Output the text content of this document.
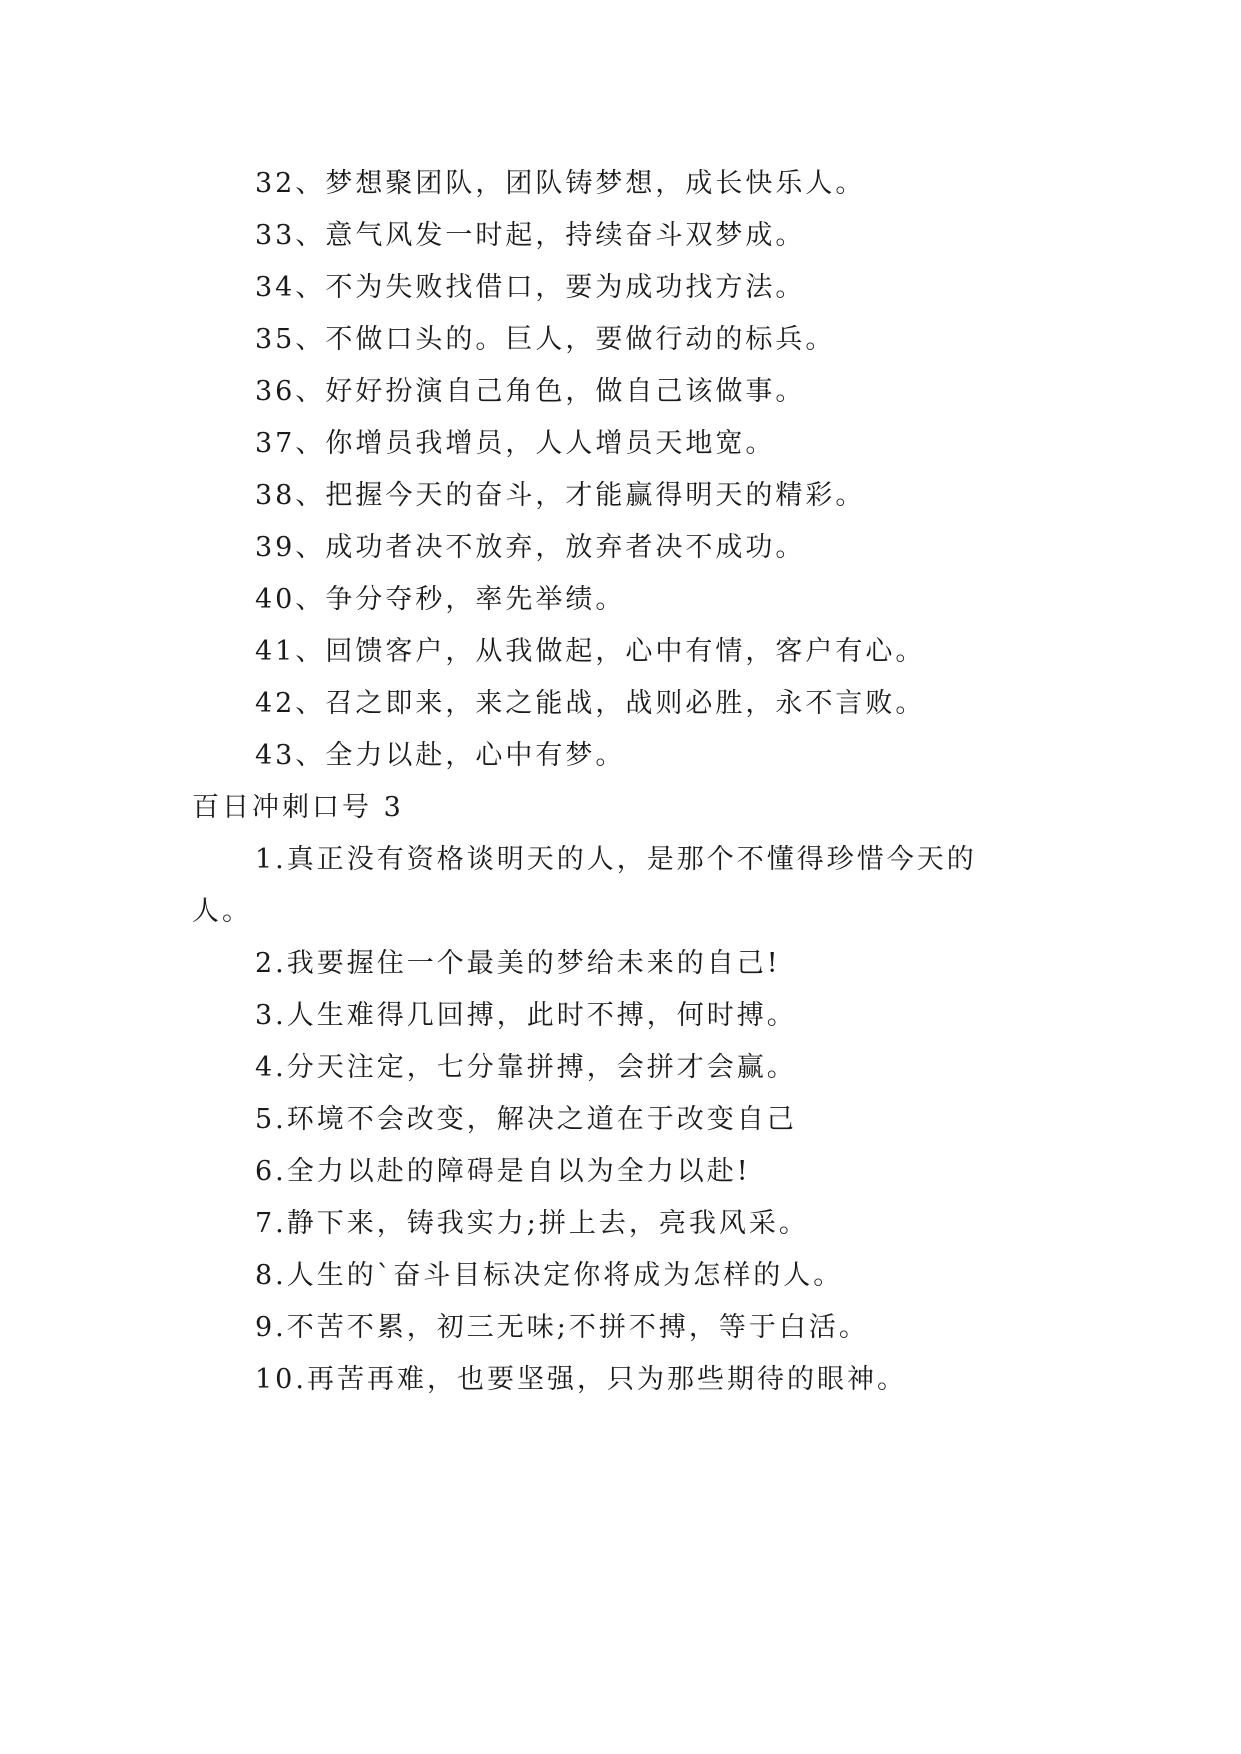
32、梦想聚团队，团队铸梦想，成长快乐人。
33、意气风发一时起，持续奋斗双梦成。
34、不为失败找借口，要为成功找方法。
35、不做口头的。巨人，要做行动的标兵。
36、好好扮演自己角色，做自己该做事。
37、你增员我增员，人人增员天地宽。
38、把握今天的奋斗，才能赢得明天的精彩。
39、成功者决不放弃，放弃者决不成功。
40、争分夺秒，率先举绩。
41、回馈客户，从我做起，心中有情，客户有心。
42、召之即来，来之能战，战则必胜，永不言败。
43、全力以赴，心中有梦。
百日冲刺口号 3
1.真正没有资格谈明天的人，是那个不懂得珍惜今天的
人。
2.我要握住一个最美的梦给未来的自己!
3.人生难得几回搏，此时不搏，何时搏。
4.分天注定，七分靠拼搏，会拼才会赢。
5.环境不会改变，解决之道在于改变自己
6.全力以赴的障碍是自以为全力以赴!
7.静下来，铸我实力;拼上去，亮我风采。
8.人生的`奋斗目标决定你将成为怎样的人。
9.不苦不累，初三无味;不拼不搏，等于白活。
10.再苦再难，也要坚强，只为那些期待的眼神。
